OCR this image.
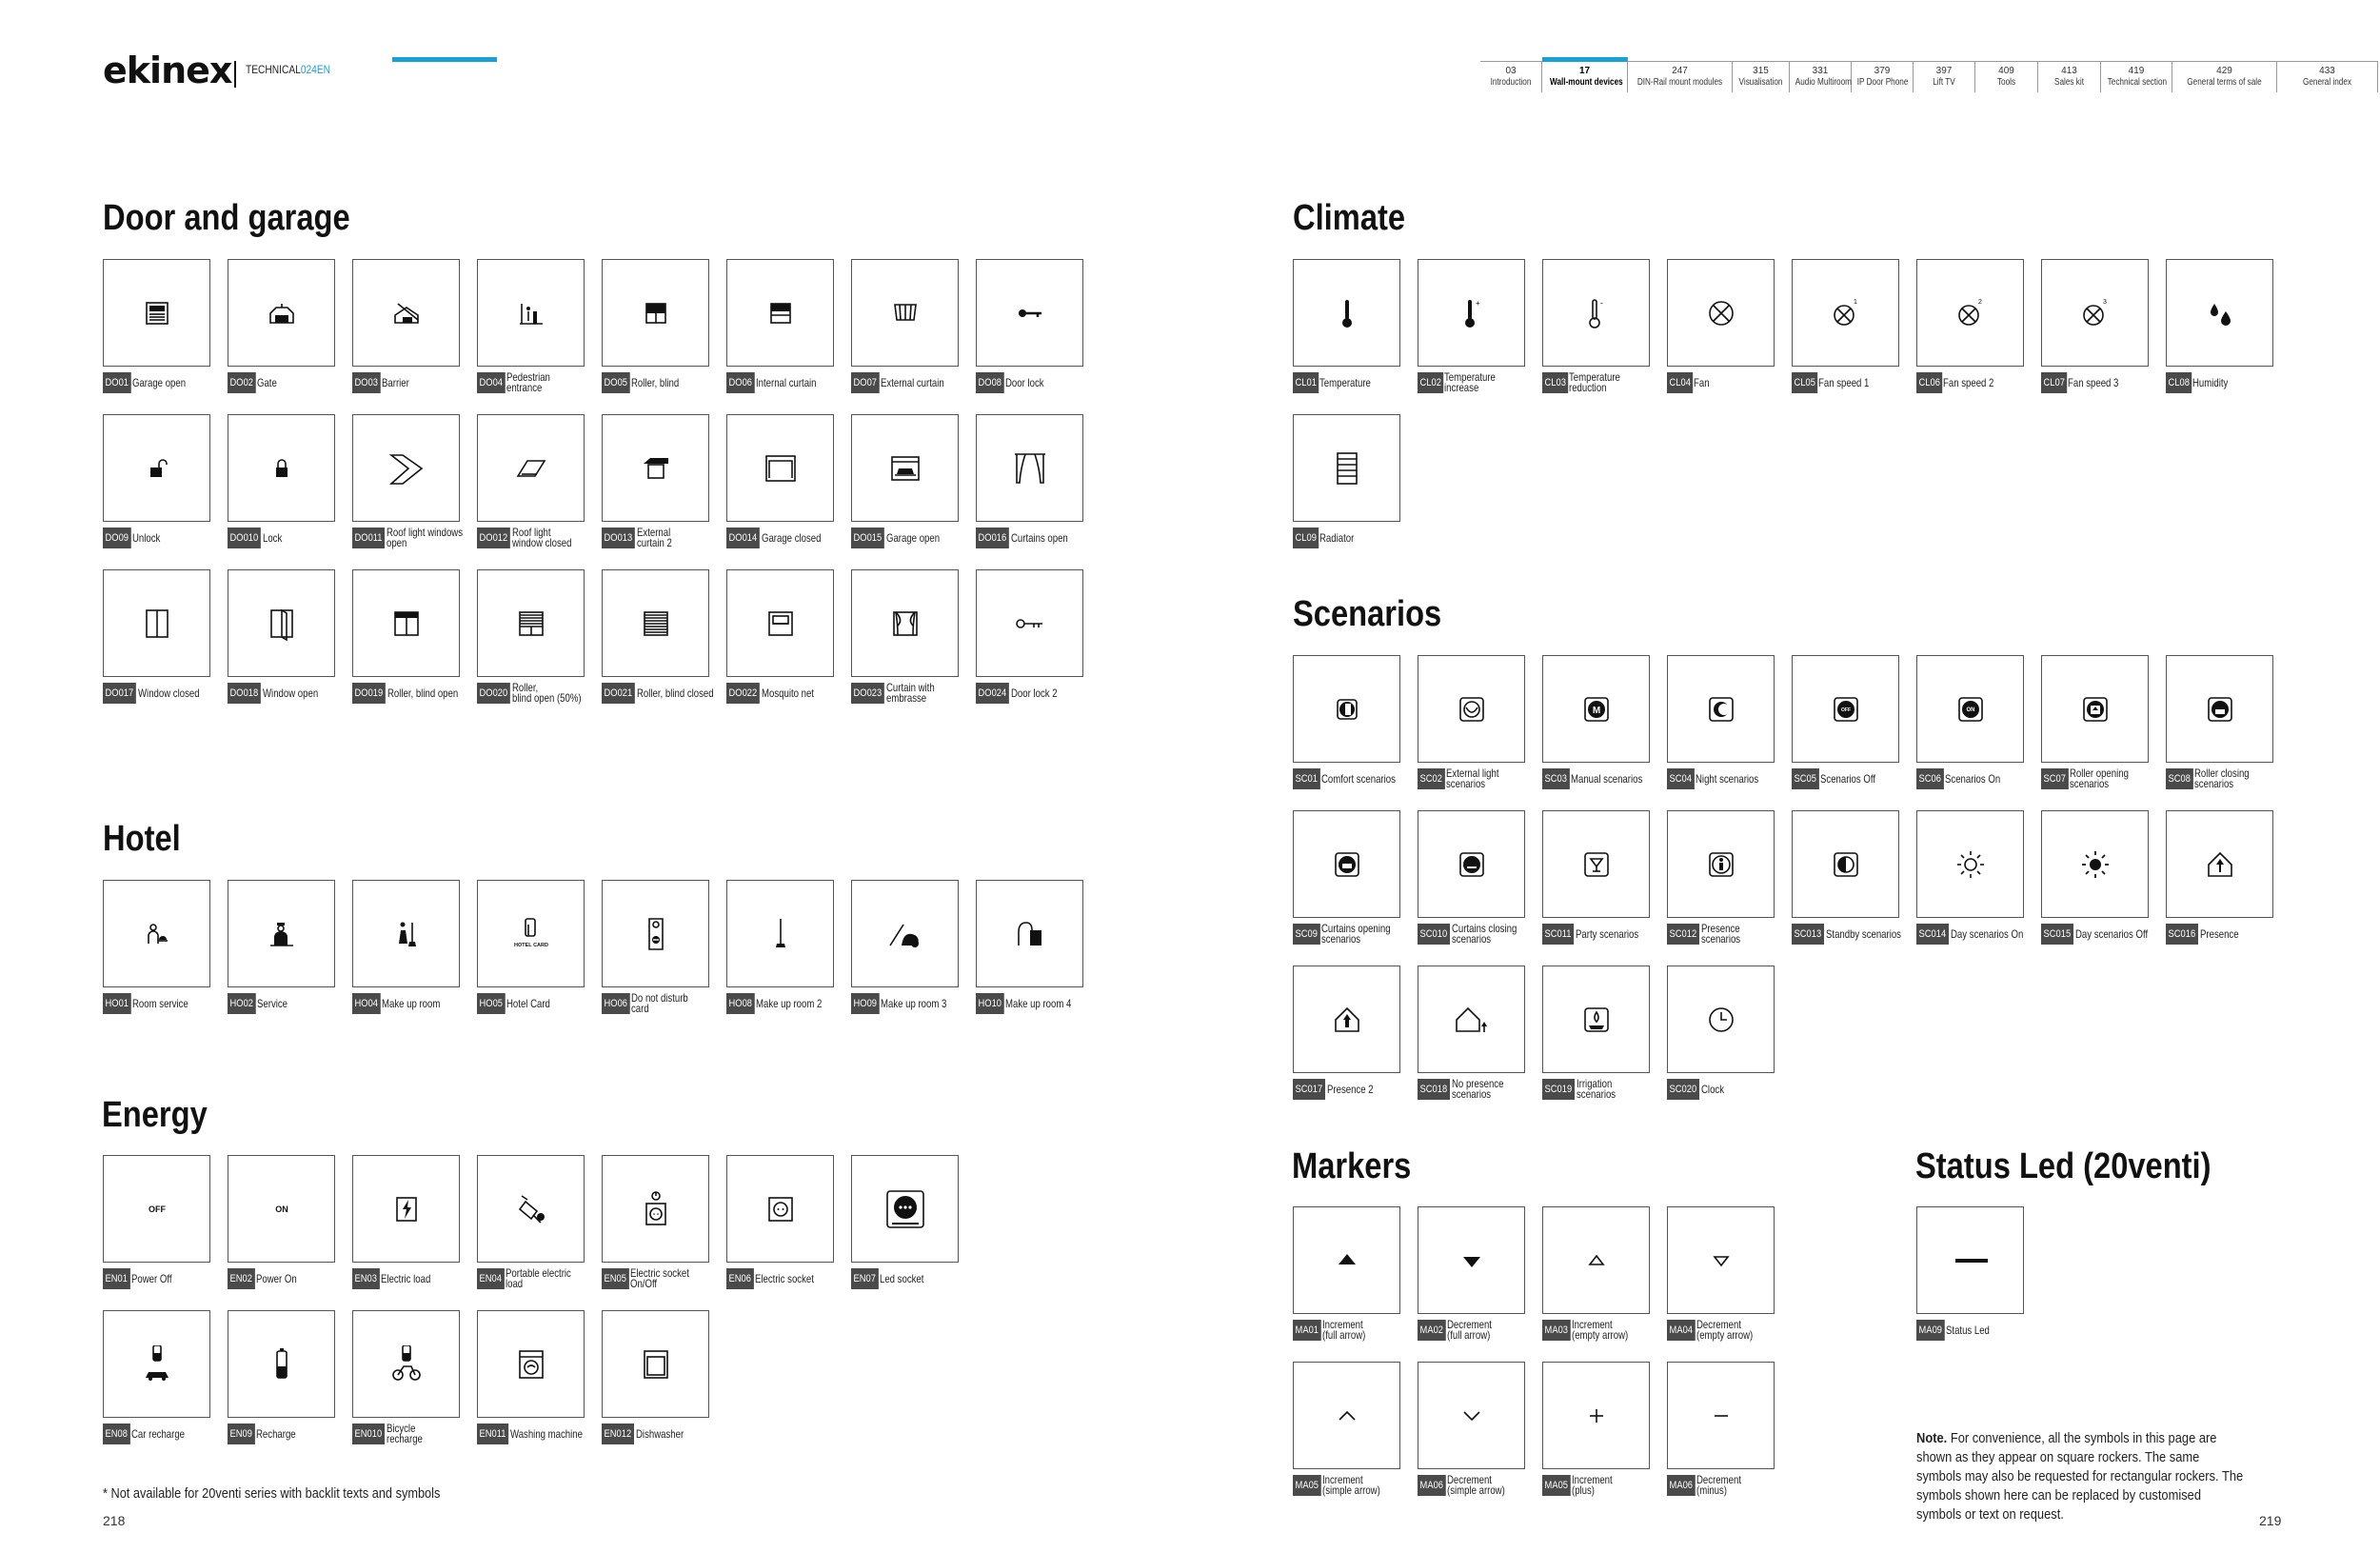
ekinex TECHNICAL024EN	03
Introduction
17
Wall-mount devices
247
DIN-Rail mount modules
315
Visualisation
331
Audio Multiroom
379
IP Door Phone
397
Lift TV
409
Tools
413
Sales kit
419
Technical section
429
General terms of sale
433
General index
Door and garage
Hotel
Energy
Climate
Scenarios
Markers	Status Led (20venti)
DO01 Garage open	DO02 Gate	DO03 Barrier	DO04 Pedestrian
entrance	DO05 Roller, blind	DO06 Internal curtain	DO07 External curtain	DO08 Door lock
DO09 Unlock	DO010 Lock	DO011 Roof light windows
open	DO012 Roof light
window closed	DO013 External
curtain 2	DO014 Garage closed	DO015 Garage open	DO016 Curtains open
DO017 Window closed	DO018 Window open	DO019 Roller, blind open DO020 Roller,
blind open (50%) DO021 Roller, blind closed DO022 Mosquito net	DO023 Curtain with
embrasse	DO024 Door lock 2
HO01 Room service	HO02 Service	HO04 Make up room
HOTEL CARD
HO05 Hotel Card	HO06 Do not disturb
card	HO08 Make up room 2	HO09 Make up room 3	HO10 Make up room 4
OFF
EN01 Power Off
ON
EN02 Power On	EN03 Electric load	EN04 Portable electric
load	EN05 Electric socket
On/Off	EN06 Electric socket	EN07 Led socket
EN08 Car recharge	EN09 Recharge	EN010 Bicycle
recharge	EN011 Washing machine EN012 Dishwasher
CL01 Temperature
+
CL02 Temperature
increase
-
CL03 Temperature
reduction	CL04 Fan
1
CL05 Fan speed 1
2
CL06 Fan speed 2
3
CL07 Fan speed 3	CL08 Humidity
CL09 Radiator
SC01 Comfort scenarios SC02 External light
scenarios
M
SC03 Manual scenarios	SC04 Night scenarios
OFF
SC05 Scenarios Off
ON
SC06 Scenarios On	SC07 Roller opening
scenarios	SC08 Roller closing
scenarios
SC09 Curtains opening
scenarios	SC010 Curtains closing
scenarios	SC011 Party scenarios	SC012 Presence
scenarios	SC013 Standby scenarios SC014 Day scenarios On SC015 Day scenarios Off SC016 Presence
SC017 Presence 2	SC018 No presence
scenarios	SC019 Irrigation
scenarios	SC020 Clock
MA01 Increment
(full arrow)	MA02 Decrement
(full arrow)	MA03 Increment
(empty arrow)	MA04 Decrement
(empty arrow)
MA05 Increment
(simple arrow)	MA06 Decrement
(simple arrow)	MA05 Increment
(plus)	MA06 Decrement
(minus)
MA09 Status Led
* Not available for 20venti series with backlit texts and symbols
218	219
Note. For convenience, all the symbols in this page are shown as they appear on square rockers. The same symbols may also be requested for rectangular rockers. The symbols shown here can be replaced by customised symbols or text on request.
